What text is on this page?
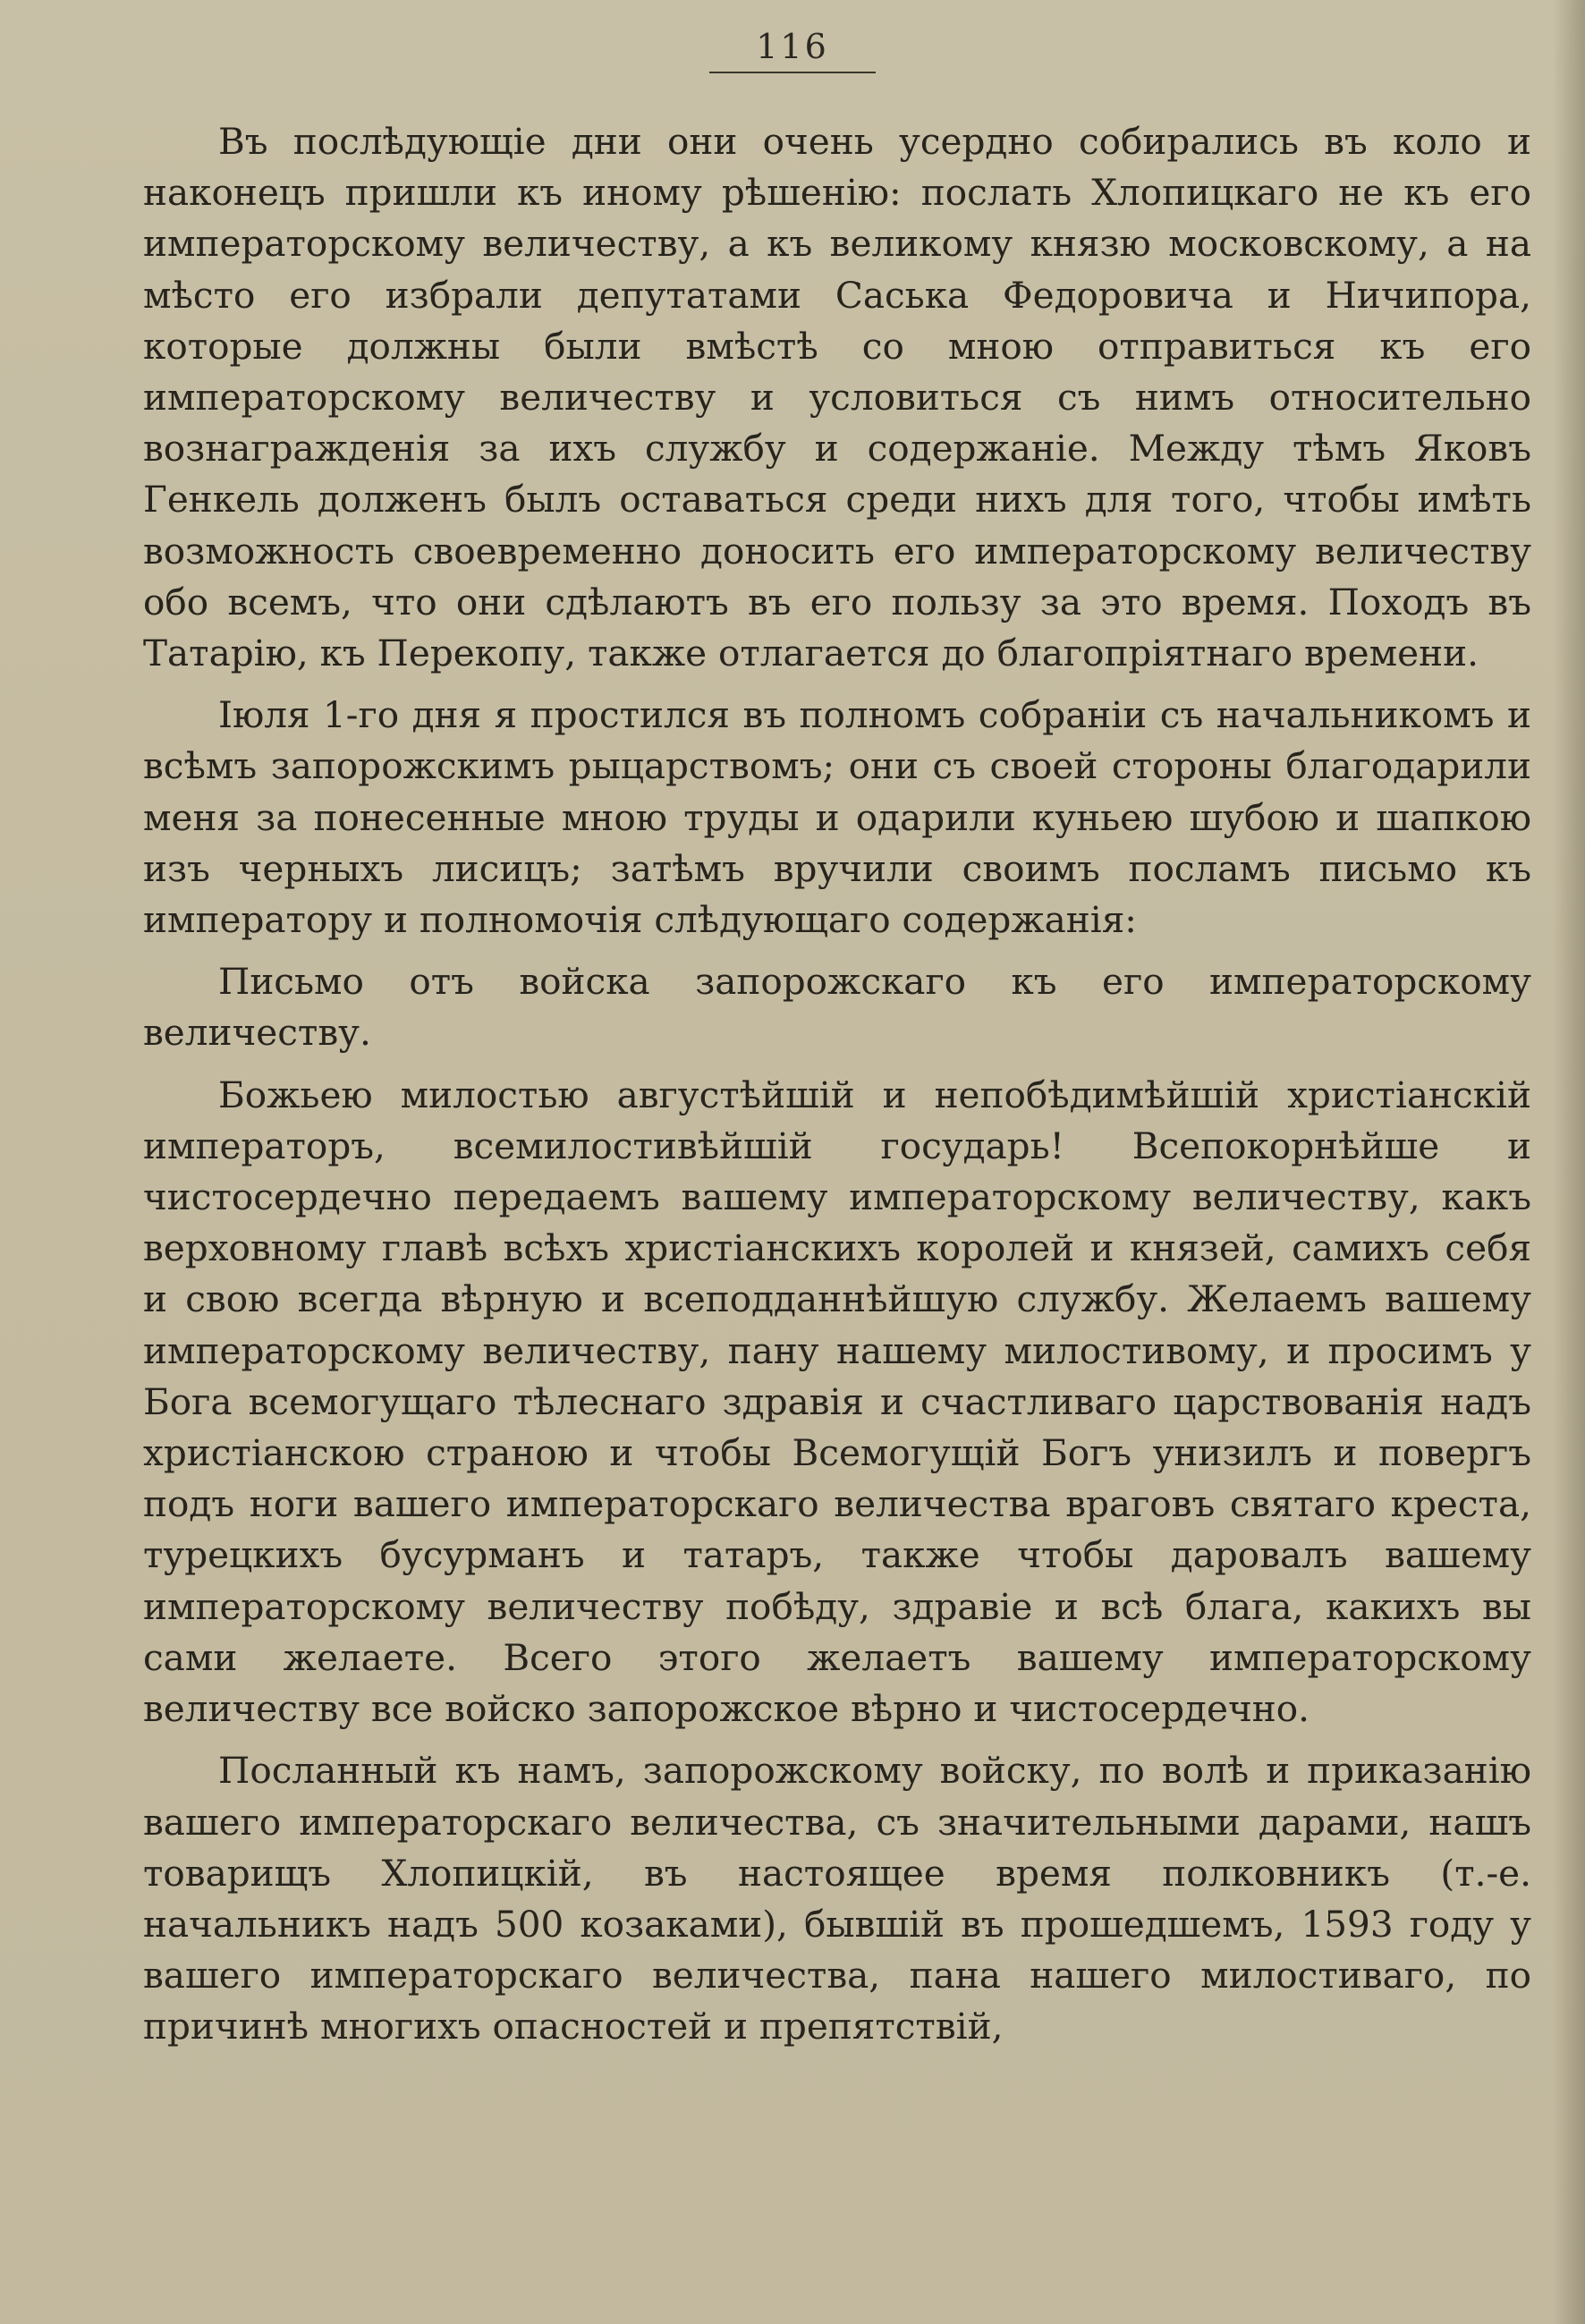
116

Въ послѣдующіе дни они очень усердно собирались въ коло и наконецъ пришли къ иному рѣшенію: послать Хлопицкаго не къ его императорскому величеству, а къ великому князю московскому, а на мѣсто его избрали депутатами Саська Федоровича и Ничипора, которые должны были вмѣстѣ со мною отправиться къ его императорскому величеству и условиться съ нимъ относительно вознагражденія за ихъ службу и содержаніе. Между тѣмъ Яковъ Генкель долженъ былъ оставаться среди нихъ для того, чтобы имѣть возможность своевременно доносить его императорскому величеству обо всемъ, что они сдѣлаютъ въ его пользу за это время. Походъ въ Татарію, къ Перекопу, также отлагается до благопріятнаго времени.

Іюля 1-го дня я простился въ полномъ собраніи съ начальникомъ и всѣмъ запорожскимъ рыцарствомъ; они съ своей стороны благодарили меня за понесенные мною труды и одарили куньею шубою и шапкою изъ черныхъ лисицъ; затѣмъ вручили своимъ посламъ письмо къ императору и полномочія слѣдующаго содержанія:

Письмо отъ войска запорожскаго къ его императорскому величеству.

Божьею милостью августѣйшій и непобѣдимѣйшій христіанскій императоръ, всемилостивѣйшій государь! Всепокорнѣйше и чистосердечно передаемъ вашему императорскому величеству, какъ верховному главѣ всѣхъ христіанскихъ королей и князей, самихъ себя и свою всегда вѣрную и всеподданнѣйшую службу. Желаемъ вашему императорскому величеству, пану нашему милостивому, и просимъ у Бога всемогущаго тѣлеснаго здравія и счастливаго царствованія надъ христіанскою страною и чтобы Всемогущій Богъ унизилъ и повергъ подъ ноги вашего императорскаго величества враговъ святаго креста, турецкихъ бусурманъ и татаръ, также чтобы даровалъ вашему императорскому величеству побѣду, здравіе и всѣ блага, какихъ вы сами желаете. Всего этого желаетъ вашему императорскому величеству все войско запорожское вѣрно и чистосердечно.

Посланный къ намъ, запорожскому войску, по волѣ и приказанію вашего императорскаго величества, съ значительными дарами, нашъ товарищъ Хлопицкій, въ настоящее время полковникъ (т.-е. начальникъ надъ 500 козаками), бывшій въ прошедшемъ, 1593 году у вашего императорскаго величества, пана нашего милостиваго, по причинѣ многихъ опасностей и препятствій,
